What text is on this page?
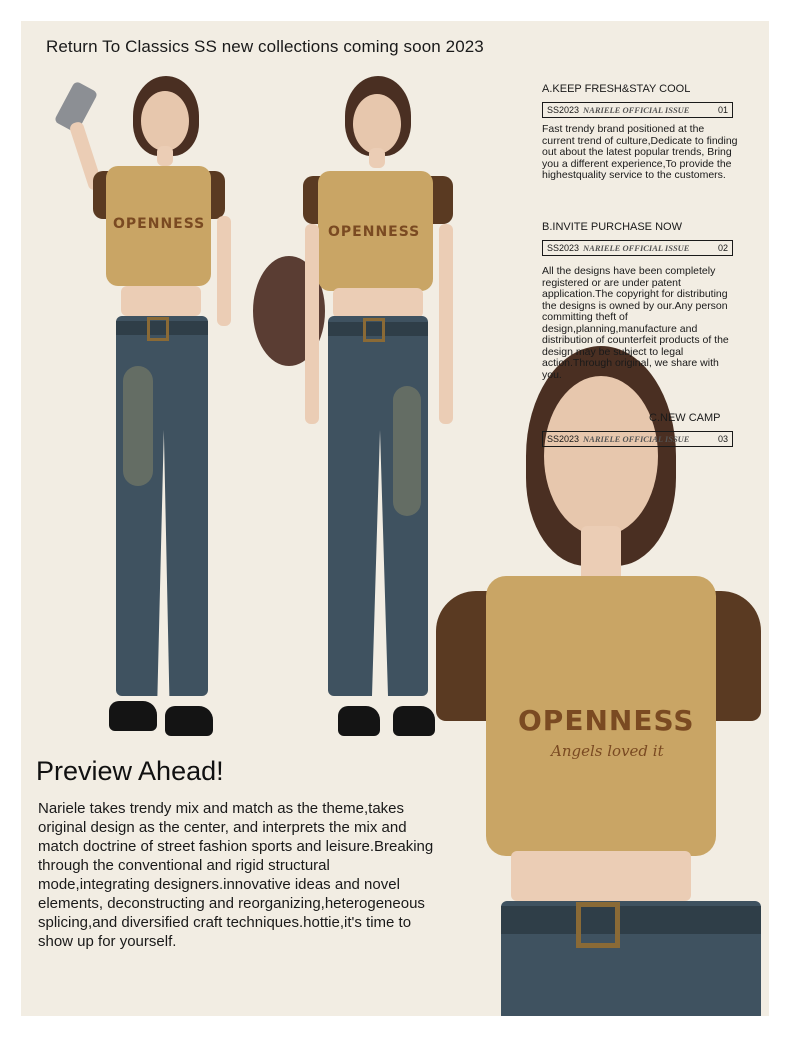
Return To Classics SS new collections coming soon 2023
OPENNESS	OPENNESS
OPENNESS
Angels loved it
A.KEEP FRESH&STAY COOL
SS2023 NARIELE OFFICIAL ISSUE	01
Fast trendy brand positioned at the current trend of culture,Dedicate to finding out about the latest popular trends, Bring you a different experience,To provide the highestquality service to the customers.
B.INVITE PURCHASE NOW
SS2023 NARIELE OFFICIAL ISSUE	02
All the designs have been completely registered or are under patent application.The copyright for distributing the designs is owned by our.Any person committing theft of design,planning,manufacture and distribution of counterfeit products of the design may be subject to legal action.Through original, we share with you.
C.NEW CAMP
SS2023 NARIELE OFFICIAL ISSUE	03
Preview Ahead!
Nariele takes trendy mix and match as the theme,takes original design as the center, and interprets the mix and match doctrine of street fashion sports and leisure.Breaking through the conventional and rigid structural mode,integrating designers.innovative ideas and novel elements, deconstructing and reorganizing,heterogeneous splicing,and diversified craft techniques.hottie,it's time to show up for yourself.
